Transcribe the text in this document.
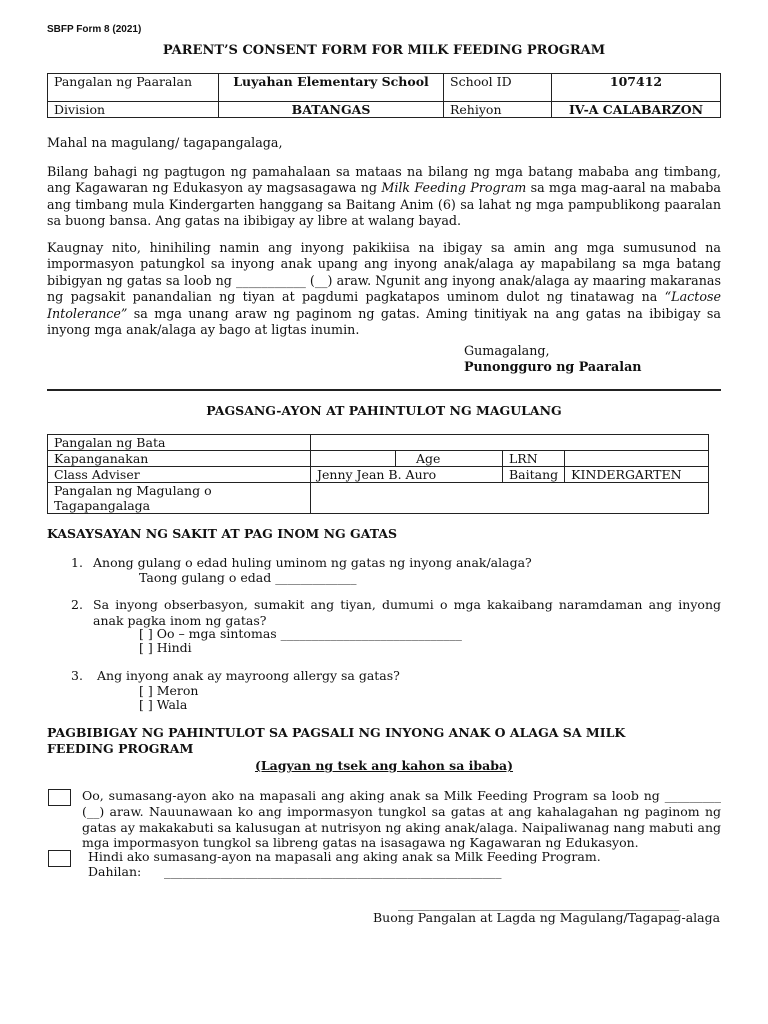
SBFP Form 8 (2021)
PARENT’S CONSENT FORM FOR MILK FEEDING PROGRAM
Pangalan ng Paaralan	Luyahan Elementary School	School ID	107412
Division	BATANGAS	Rehiyon	IV-A CALABARZON
Mahal na magulang/ tagapangalaga,
Bilang bahagi ng pagtugon ng pamahalaan sa mataas na bilang ng mga batang mababa ang timbang, ang Kagawaran ng Edukasyon ay magsasagawa ng Milk Feeding Program sa mga mag-aaral na mababa ang timbang mula Kindergarten hanggang sa Baitang Anim (6) sa lahat ng mga pampublikong paaralan sa buong bansa. Ang gatas na ibibigay ay libre at walang bayad.
Kaugnay nito, hinihiling namin ang inyong pakikiisa na ibigay sa amin ang mga sumusunod na impormasyon patungkol sa inyong anak upang ang inyong anak/alaga ay mapabilang sa mga batang bibigyan ng gatas sa loob ng ___________ (__) araw. Ngunit ang inyong anak/alaga ay maaring makaranas ng pagsakit panandalian ng tiyan at pagdumi pagkatapos uminom dulot ng tinatawag na “Lactose Intolerance” sa mga unang araw ng paginom ng gatas. Aming tinitiyak na ang gatas na ibibigay sa inyong mga anak/alaga ay bago at ligtas inumin.
Gumagalang,
Punongguro ng Paaralan
PAGSANG-AYON AT PAHINTULOT NG MAGULANG
Pangalan ng Bata				
Kapanganakan		Age	LRN	
Class Adviser	Jenny Jean B. Auro		Baitang	KINDERGARTEN
Pangalan ng Magulang o Tagapangalaga				
KASAYSAYAN NG SAKIT AT PAG INOM NG GATAS
1. Anong gulang o edad huling uminom ng gatas ng inyong anak/alaga?
Taong gulang o edad _____________
2. Sa inyong obserbasyon, sumakit ang tiyan, dumumi o mga kakaibang naramdaman ang inyong anak pagka inom ng gatas?
[ ] Oo – mga sintomas _____________________________
[ ] Hindi
3. Ang inyong anak ay mayroong allergy sa gatas?
[ ] Meron
[ ] Wala
PAGBIBIGAY NG PAHINTULOT SA PAGSALI NG INYONG ANAK O ALAGA SA MILK FEEDING PROGRAM
(Lagyan ng tsek ang kahon sa ibaba)
Oo, sumasang-ayon ako na mapasali ang aking anak sa Milk Feeding Program sa loob ng _________ (__) araw. Nauunawaan ko ang impormasyon tungkol sa gatas at ang kahalagahan ng paginom ng gatas ay makakabuti sa kalusugan at nutrisyon ng aking anak/alaga. Naipaliwanag nang mabuti ang mga impormasyon tungkol sa libreng gatas na isasagawa ng Kagawaran ng Edukasyon.
Hindi ako sumasang-ayon na mapasali ang aking anak sa Milk Feeding Program.
Dahilan: ______________________________________________________
_____________________________________________
Buong Pangalan at Lagda ng Magulang/Tagapag-alaga
